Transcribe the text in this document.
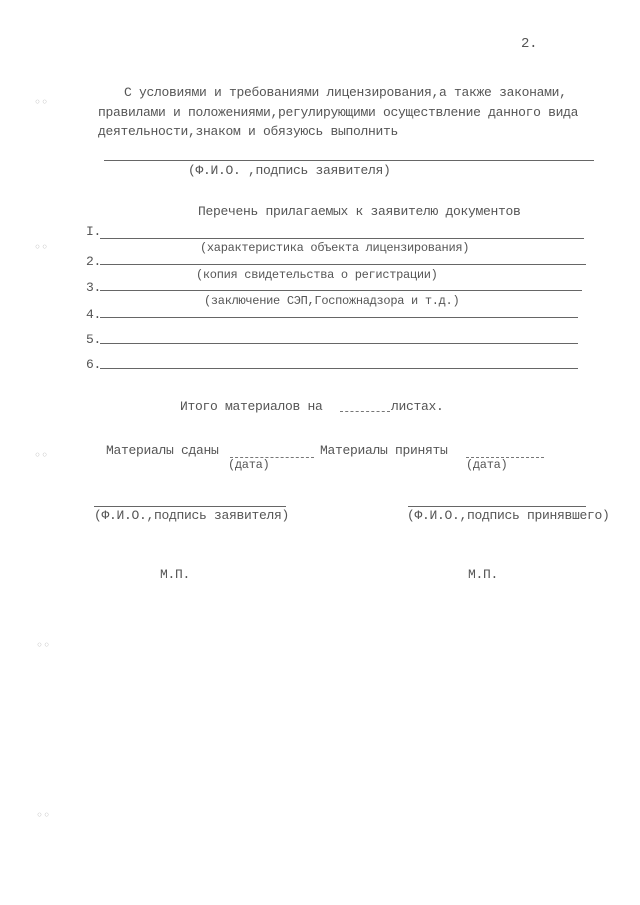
2.
◦◦
◦◦
◦◦
◦◦
◦◦
С условиями и требованиями лицензирования,а также законами,
правилами и положениями,регулирующими осуществление данного вида
деятельности,знаком и обязуюсь выполнить
(Ф.И.О. ,подпись заявителя)
Перечень прилагаемых к заявителю документов
I.
(характеристика объекта лицензирования)
2.
(копия свидетельства о регистрации)
3.
(заключение СЭП,Госпожнадзора и т.д.)
4.
5.
6.
Итого материалов на	листах.
Материалы сданы
(дата)
Материалы приняты
(дата)
(Ф.И.О.,подпись заявителя)	(Ф.И.О.,подпись принявшего)
М.П.	М.П.
